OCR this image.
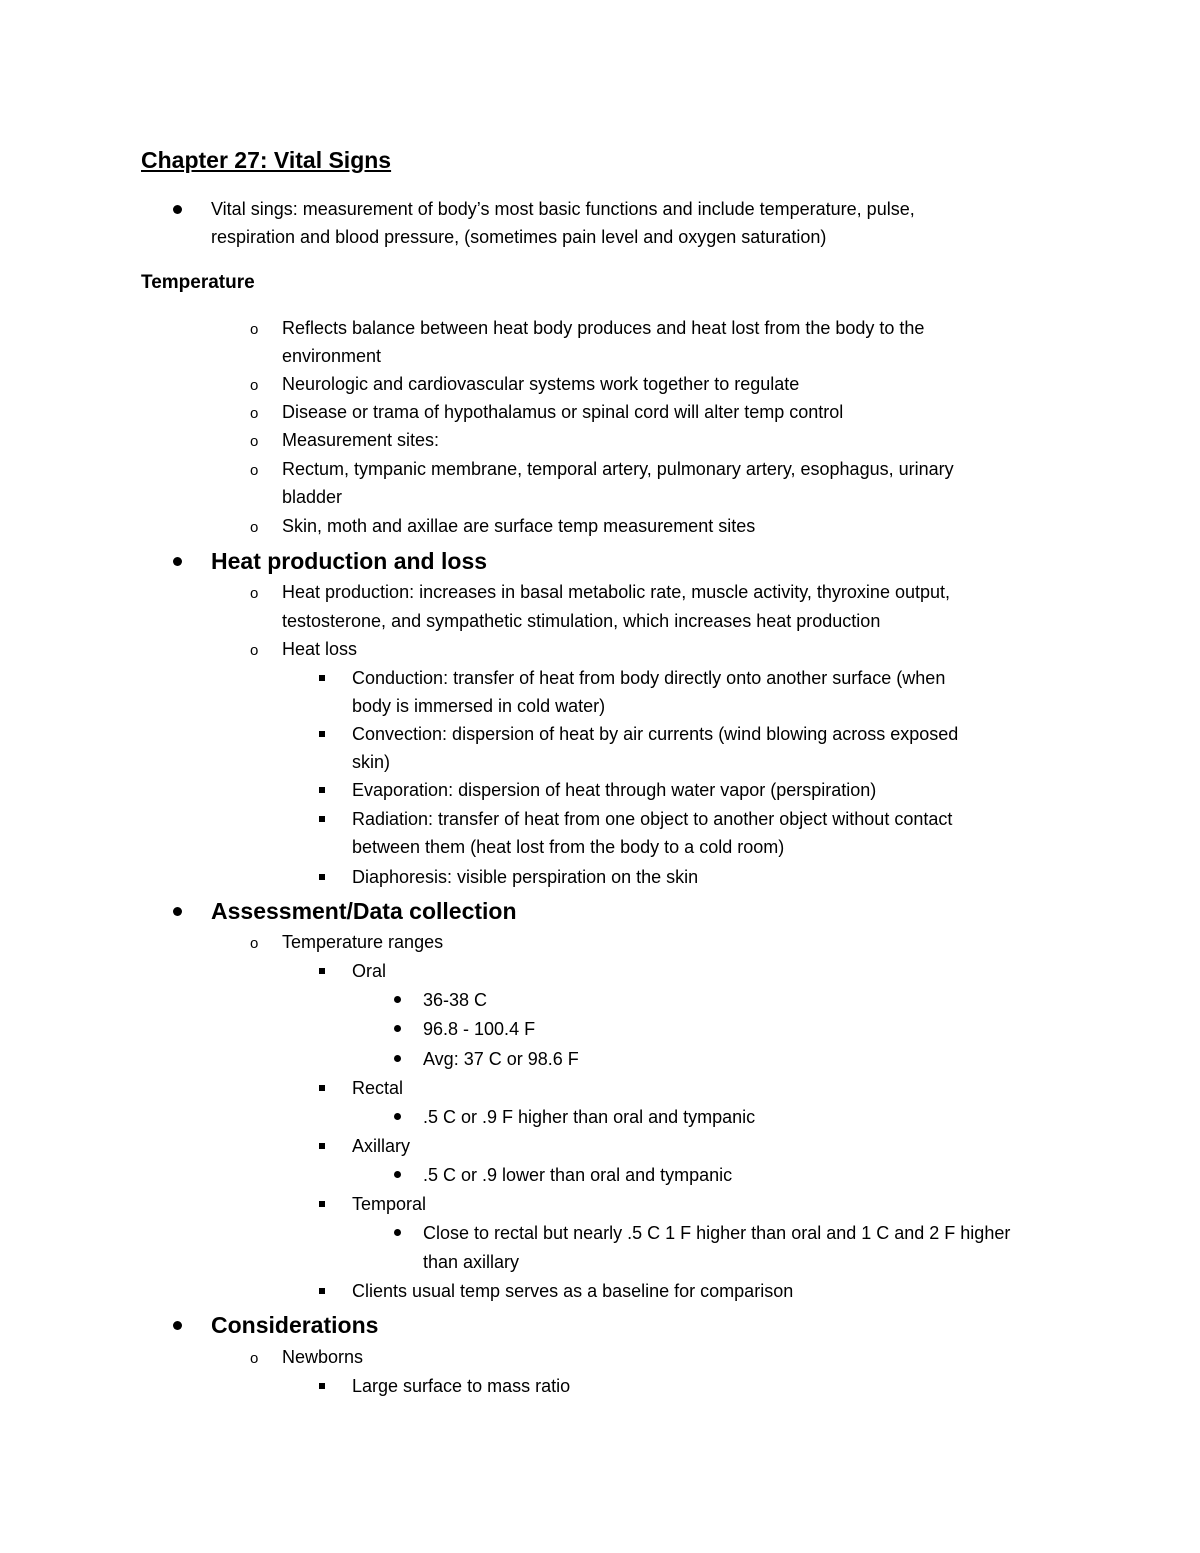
Chapter 27: Vital Signs
Vital sings: measurement of body’s most basic functions and include temperature, pulse,
respiration and blood pressure, (sometimes pain level and oxygen saturation)
Temperature
o Reflects balance between heat body produces and heat lost from the body to the
environment
o Neurologic and cardiovascular systems work together to regulate
o Disease or trama of hypothalamus or spinal cord will alter temp control
o Measurement sites:
o Rectum, tympanic membrane, temporal artery, pulmonary artery, esophagus, urinary
bladder
o Skin, moth and axillae are surface temp measurement sites
Heat production and loss
o Heat production: increases in basal metabolic rate, muscle activity, thyroxine output,
testosterone, and sympathetic stimulation, which increases heat production
o Heat loss
Conduction: transfer of heat from body directly onto another surface (when
body is immersed in cold water)
Convection: dispersion of heat by air currents (wind blowing across exposed
skin)
Evaporation: dispersion of heat through water vapor (perspiration)
Radiation: transfer of heat from one object to another object without contact
between them (heat lost from the body to a cold room)
Diaphoresis: visible perspiration on the skin
Assessment/Data collection
o Temperature ranges
Oral
36-38 C
96.8 - 100.4 F
Avg: 37 C or 98.6 F
Rectal
.5 C or .9 F higher than oral and tympanic
Axillary
.5 C or .9 lower than oral and tympanic
Temporal
Close to rectal but nearly .5 C 1 F higher than oral and 1 C and 2 F higher
than axillary
Clients usual temp serves as a baseline for comparison
Considerations
o Newborns
Large surface to mass ratio
